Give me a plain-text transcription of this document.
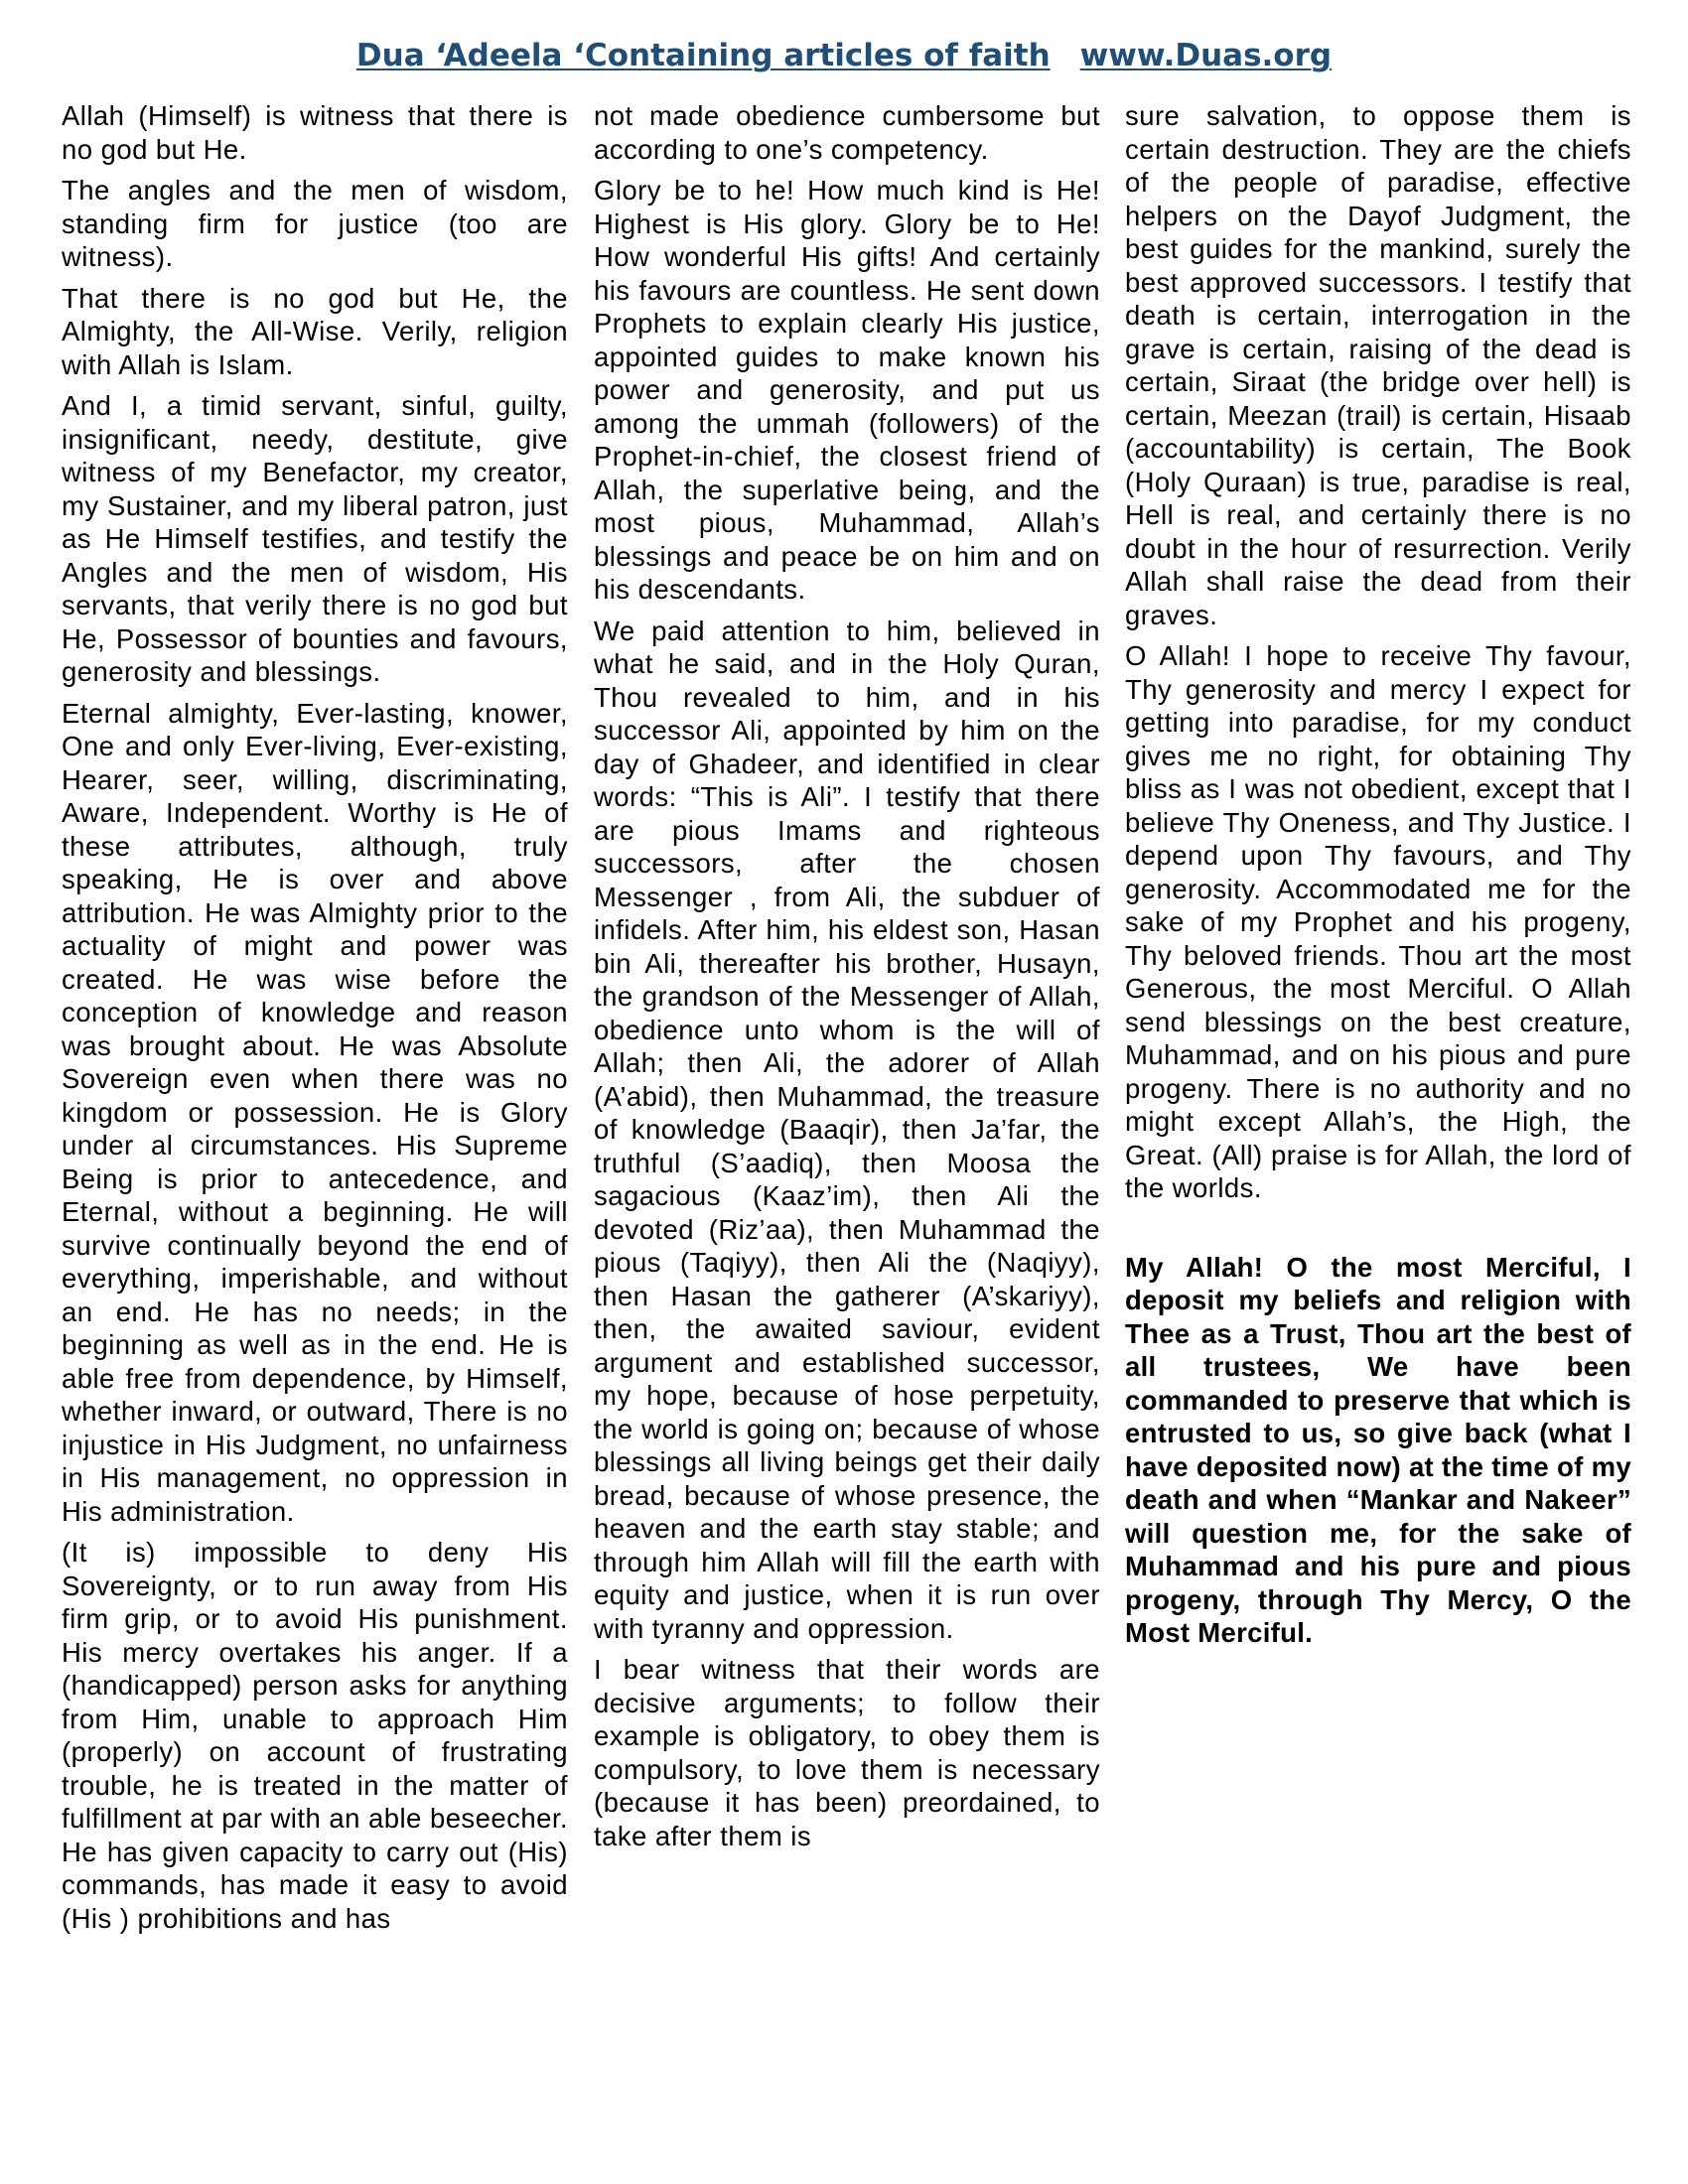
Dua ‘Adeela ‘Containing articles of faith www.Duas.org

Allah (Himself) is witness that there is no god but He.

The angles and the men of wisdom, standing firm for justice (too are witness).

That there is no god but He, the Almighty, the All-Wise. Verily, religion with Allah is Islam.

And I, a timid servant, sinful, guilty, insignificant, needy, destitute, give witness of my Benefactor, my creator, my Sustainer, and my liberal patron, just as He Himself testifies, and testify the Angles and the men of wisdom, His servants, that verily there is no god but He, Possessor of bounties and favours, generosity and blessings.

Eternal almighty, Ever-lasting, knower, One and only Ever-living, Ever-existing, Hearer, seer, willing, discriminating, Aware, Independent. Worthy is He of these attributes, although, truly speaking, He is over and above attribution. He was Almighty prior to the actuality of might and power was created. He was wise before the conception of knowledge and reason was brought about. He was Absolute Sovereign even when there was no kingdom or possession. He is Glory under al circumstances. His Supreme Being is prior to antecedence, and Eternal, without a beginning. He will survive continually beyond the end of everything, imperishable, and without an end. He has no needs; in the beginning as well as in the end. He is able free from dependence, by Himself, whether inward, or outward, There is no injustice in His Judgment, no unfairness in His management, no oppression in His administration.

(It is) impossible to deny His Sovereignty, or to run away from His firm grip, or to avoid His punishment. His mercy overtakes his anger. If a (handicapped) person asks for anything from Him, unable to approach Him (properly) on account of frustrating trouble, he is treated in the matter of fulfillment at par with an able beseecher. He has given capacity to carry out (His) commands, has made it easy to avoid (His ) prohibitions and has

not made obedience cumbersome but according to one’s competency.

Glory be to he! How much kind is He! Highest is His glory. Glory be to He! How wonderful His gifts! And certainly his favours are countless. He sent down Prophets to explain clearly His justice, appointed guides to make known his power and generosity, and put us among the ummah (followers) of the Prophet-in-chief, the closest friend of Allah, the superlative being, and the most pious, Muhammad, Allah’s blessings and peace be on him and on his descendants.

We paid attention to him, believed in what he said, and in the Holy Quran, Thou revealed to him, and in his successor Ali, appointed by him on the day of Ghadeer, and identified in clear words: “This is Ali”. I testify that there are pious Imams and righteous successors, after the chosen Messenger , from Ali, the subduer of infidels. After him, his eldest son, Hasan bin Ali, thereafter his brother, Husayn, the grandson of the Messenger of Allah, obedience unto whom is the will of Allah; then Ali, the adorer of Allah (A’abid), then Muhammad, the treasure of knowledge (Baaqir), then Ja’far, the truthful (S’aadiq), then Moosa the sagacious (Kaaz’im), then Ali the devoted (Riz’aa), then Muhammad the pious (Taqiyy), then Ali the (Naqiyy), then Hasan the gatherer (A’skariyy), then, the awaited saviour, evident argument and established successor, my hope, because of hose perpetuity, the world is going on; because of whose blessings all living beings get their daily bread, because of whose presence, the heaven and the earth stay stable; and through him Allah will fill the earth with equity and justice, when it is run over with tyranny and oppression.

I bear witness that their words are decisive arguments; to follow their example is obligatory, to obey them is compulsory, to love them is necessary (because it has been) preordained, to take after them is

sure salvation, to oppose them is certain destruction. They are the chiefs of the people of paradise, effective helpers on the Dayof Judgment, the best guides for the mankind, surely the best approved successors. I testify that death is certain, interrogation in the grave is certain, raising of the dead is certain, Siraat (the bridge over hell) is certain, Meezan (trail) is certain, Hisaab (accountability) is certain, The Book (Holy Quraan) is true, paradise is real, Hell is real, and certainly there is no doubt in the hour of resurrection. Verily Allah shall raise the dead from their graves.

O Allah! I hope to receive Thy favour, Thy generosity and mercy I expect for getting into paradise, for my conduct gives me no right, for obtaining Thy bliss as I was not obedient, except that I believe Thy Oneness, and Thy Justice. I depend upon Thy favours, and Thy generosity. Accommodated me for the sake of my Prophet and his progeny, Thy beloved friends. Thou art the most Generous, the most Merciful. O Allah send blessings on the best creature, Muhammad, and on his pious and pure progeny. There is no authority and no might except Allah’s, the High, the Great. (All) praise is for Allah, the lord of the worlds.

My Allah! O the most Merciful, I deposit my beliefs and religion with Thee as a Trust, Thou art the best of all trustees, We have been commanded to preserve that which is entrusted to us, so give back (what I have deposited now) at the time of my death and when “Mankar and Nakeer” will question me, for the sake of Muhammad and his pure and pious progeny, through Thy Mercy, O the Most Merciful.
